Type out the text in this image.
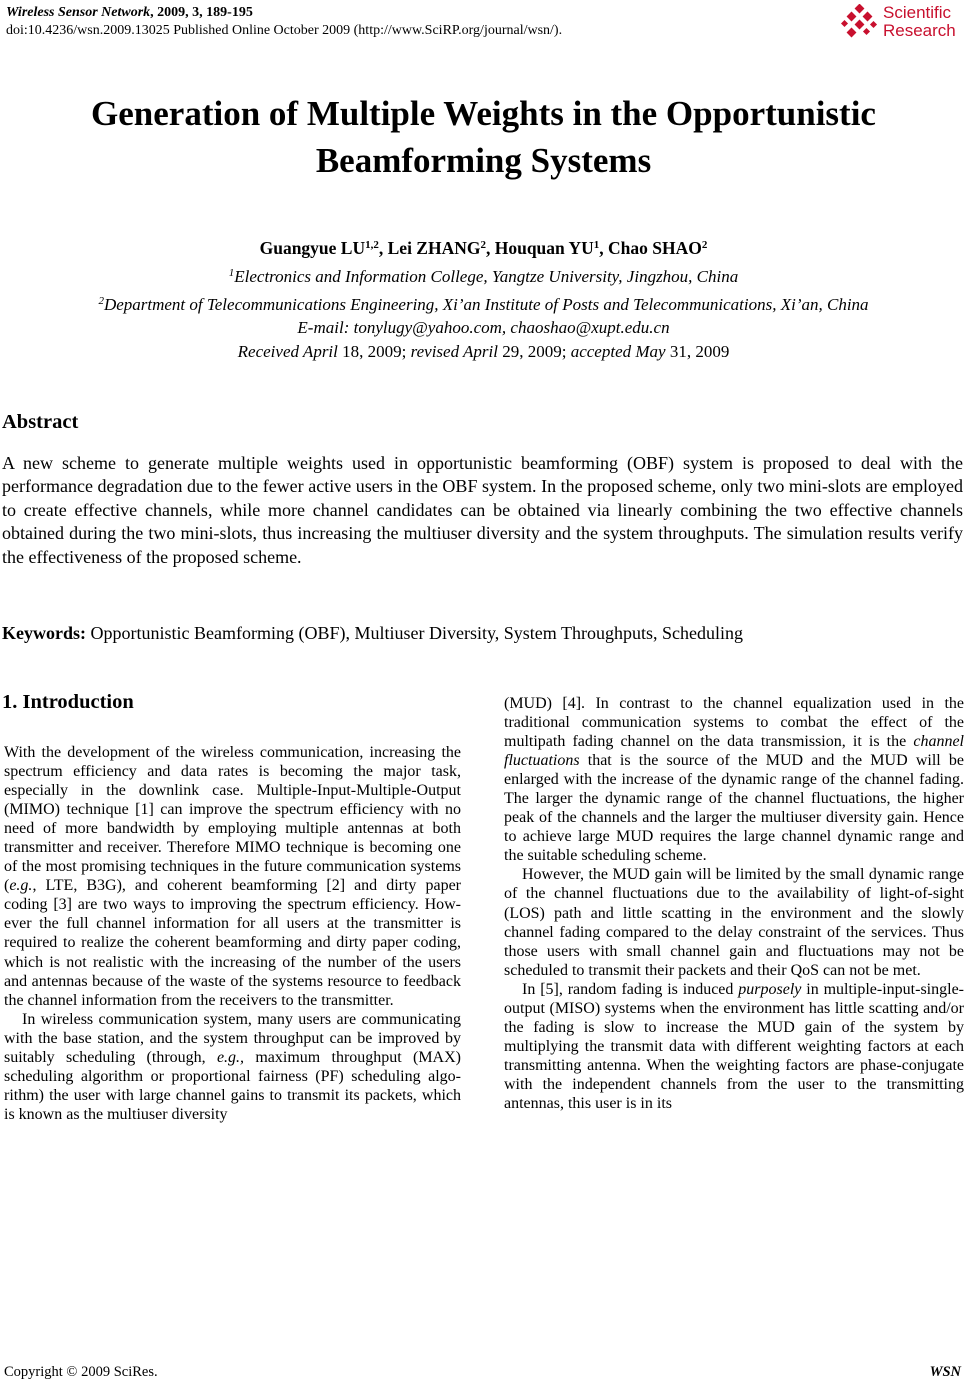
Wireless Sensor Network, 2009, 3, 189-195
doi:10.4236/wsn.2009.13025 Published Online October 2009 (http://www.SciRP.org/journal/wsn/).
Scientific
Research
Generation of Multiple Weights in the Opportunistic
Beamforming Systems
Guangyue LU$^{1,2}$, Lei ZHANG$^2$, Houquan $YU^1$, Chao SHAO$^2$
$^1$Electronics and Information College, Yangtze University, Jingzhou, China
$^2$Department of Telecommunications Engineering, Xi’an Institute of Posts and Telecommunications, Xi’an, China
E-mail: tonylugy@yahoo.com, chaoshao@xupt.edu.cn
Received April 18, 2009; revised April 29, 2009; accepted May 31, 2009
Abstract
A new scheme to generate multiple weights used in opportunistic beamforming (OBF) system is proposed to deal with the performance degradation due to the fewer active users in the OBF system. In the proposed scheme, only two mini-slots are employed to create effective channels, while more channel candidates can be obtained via linearly combining the two effective channels obtained during the two mini-slots, thus increasing the multiuser diversity and the system throughputs. The simulation results verify the effectiveness of the proposed scheme.
Keywords: Opportunistic Beamforming (OBF), Multiuser Diversity, System Throughputs, Scheduling
1. Introduction

With the development of the wireless communication, increasing the spectrum efficiency and data rates is becoming the major task, especially in the downlink case. Multiple-Input-Multiple-Output (MIMO) technique [1] can improve the spectrum efficiency with no need of more bandwidth by employing multiple antennas at both transmitter and receiver. Therefore MIMO technique is becoming one of the most promising techniques in the future communication systems (e.g., LTE, B3G), and coherent beamforming [2] and dirty paper coding [3] are two ways to improving the spectrum efficiency. However the full channel information for all users at the transmitter is required to realize the coherent beamforming and dirty paper coding, which is not realistic with the increasing of the number of the users and antennas because of the waste of the systems resource to feedback the channel information from the receivers to the transmitter.

In wireless communication system, many users are communicating with the base station, and the system throughput can be improved by suitably scheduling (through, e.g., maximum throughput (MAX) scheduling algorithm or proportional fairness (PF) scheduling algorithm) the user with large channel gains to transmit its packets, which is known as the multiuser diversity

(MUD) [4]. In contrast to the channel equalization used in the traditional communication systems to combat the effect of the multipath fading channel on the data transmission, it is the channel fluctuations that is the source of the MUD and the MUD will be enlarged with the increase of the dynamic range of the channel fading. The larger the dynamic range of the channel fluctuations, the higher peak of the channels and the larger the multiuser diversity gain. Hence to achieve large MUD requires the large channel dynamic range and the suitable scheduling scheme.

However, the MUD gain will be limited by the small dynamic range of the channel fluctuations due to the availability of light-of-sight (LOS) path and little scatting in the environment and the slowly channel fading compared to the delay constraint of the services. Thus those users with small channel gain and fluctuations may not be scheduled to transmit their packets and their QoS can not be met.

In [5], random fading is induced purposely in multiple-input-single-output (MISO) systems when the environment has little scatting and/or the fading is slow to increase the MUD gain of the system by multiplying the transmit data with different weighting factors at each transmitting antenna. When the weighting factors are phase-conjugate with the independent channels from the user to the transmitting antennas, this user is in its

Copyright © 2009 SciRes.	WSN
